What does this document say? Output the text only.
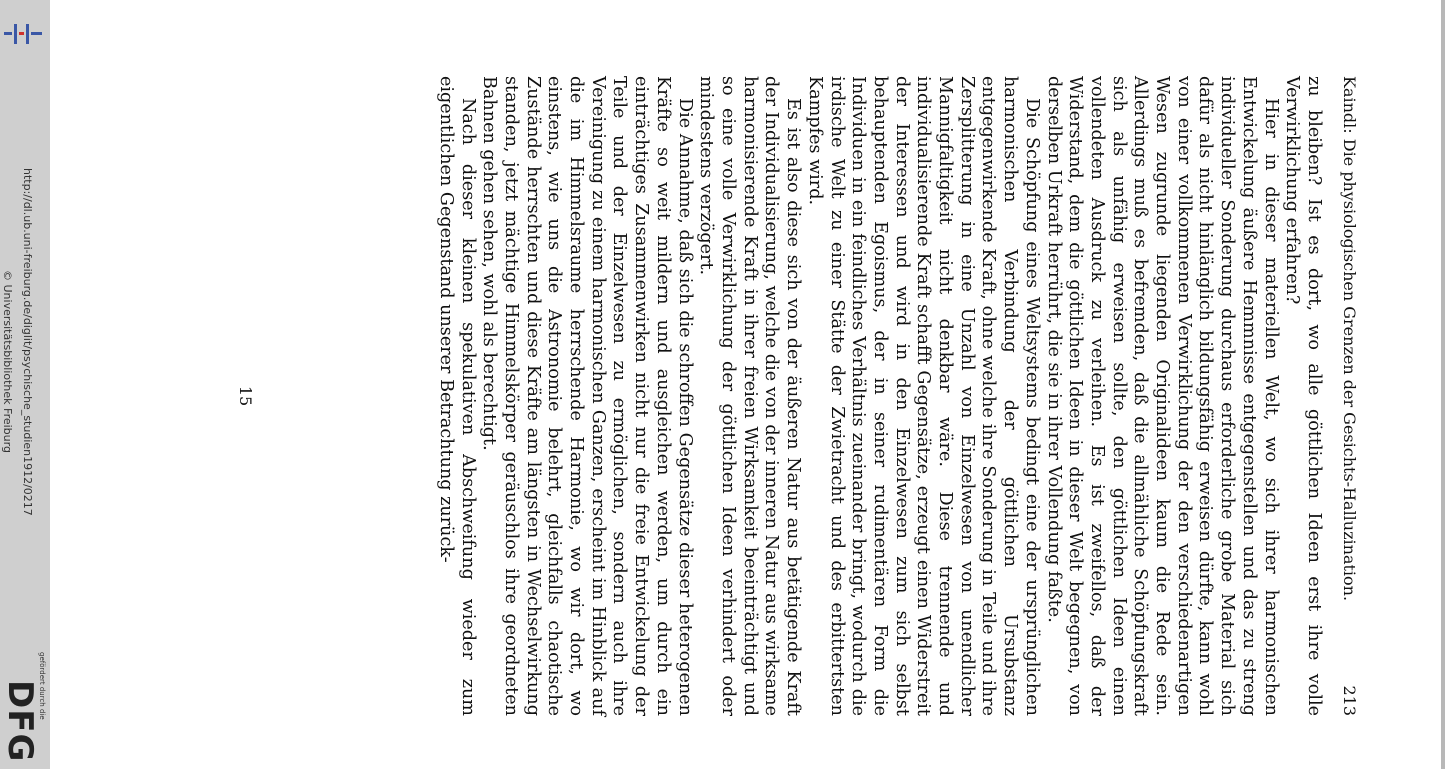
http://dl.ub.uni-freiburg.de/diglit/psychische_studien1912/0217
© Universitätsbibliothek Freiburg
gefördert durch die
DFG
Kaindl: Die physiologischen Grenzen der Gesichts-Halluzination.
213

zu bleiben? Ist es dort, wo alle göttlichen Ideen erst ihre volle Verwirklichung erfahren?

Hier in dieser materiellen Welt, wo sich ihrer harmonischen Entwickelung äußere Hemmnisse entgegenstellen und das zu streng individueller Sonderung durchaus erforderliche grobe Material sich dafür als nicht hinlänglich bildungsfähig erweisen dürfte, kann wohl von einer vollkommenen Verwirklichung der den verschiedenartigen Wesen zugrunde liegenden Originalideen kaum die Rede sein. Allerdings muß es befremden, daß die allmähliche Schöpfungskraft sich als unfähig erweisen sollte, den göttlichen Ideen einen vollendeten Ausdruck zu verleihen. Es ist zweifellos, daß der Widerstand, dem die göttlichen Ideen in dieser Welt begegnen, von derselben Urkraft herrührt, die sie in ihrer Vollendung faßte.

Die Schöpfung eines Weltsystems bedingt eine der ursprünglichen harmonischen Verbindung der göttlichen Ursubstanz entgegenwirkende Kraft, ohne welche ihre Sonderung in Teile und ihre Zersplitterung in eine Unzahl von Einzelwesen von unendlicher Mannigfaltigkeit nicht denkbar wäre. Diese trennende und individualisierende Kraft schafft Gegensätze, erzeugt einen Widerstreit der Interessen und wird in den Einzelwesen zum sich selbst behauptenden Egoismus, der in seiner rudimentären Form die Individuen in ein feindliches Verhältnis zueinander bringt, wodurch die irdische Welt zu einer Stätte der Zwietracht und des erbittertsten Kampfes wird.

Es ist also diese sich von der äußeren Natur aus betätigende Kraft der Individualisierung, welche die von der inneren Natur aus wirksame harmonisierende Kraft in ihrer freien Wirksamkeit beeinträchtigt und so eine volle Verwirklichung der göttlichen Ideen verhindert oder mindestens verzögert.

Die Annahme, daß sich die schroffen Gegensätze dieser heterogenen Kräfte so weit mildern und ausgleichen werden, um durch ein einträchtiges Zusammenwirken nicht nur die freie Entwickelung der Teile und der Einzelwesen zu ermöglichen, sondern auch ihre Vereinigung zu einem harmonischen Ganzen, erscheint im Hinblick auf die im Himmelsraume herrschende Harmonie, wo wir dort, wo einstens, wie uns die Astronomie belehrt, gleichfalls chaotische Zustände herrschten und diese Kräfte am längsten in Wechselwirkung standen, jetzt mächtige Himmelskörper geräuschlos ihre geordneten Bahnen gehen sehen, wohl als berechtigt.

Nach dieser kleinen spekulativen Abschweifung wieder zum eigentlichen Gegenstand unserer Betrachtung zurück-

15
